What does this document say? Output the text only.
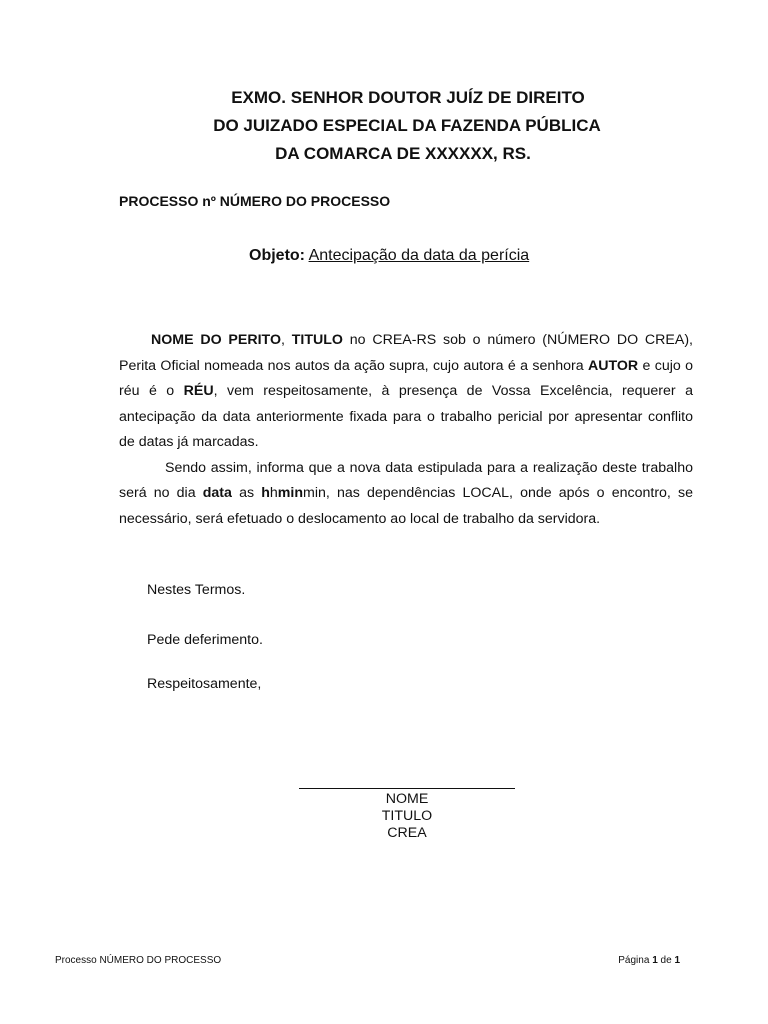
EXMO. SENHOR DOUTOR JUÍZ DE DIREITO
DO JUIZADO ESPECIAL DA FAZENDA PÚBLICA
DA COMARCA DE XXXXXX, RS.
PROCESSO nº NÚMERO DO PROCESSO
Objeto: Antecipação da data da perícia

NOME DO PERITO, TITULO no CREA-RS sob o número (NÚMERO DO CREA), Perita Oficial nomeada nos autos da ação supra, cujo autora é a senhora AUTOR e cujo o réu é o RÉU, vem respeitosamente, à presença de Vossa Excelência, requerer a antecipação da data anteriormente fixada para o trabalho pericial por apresentar conflito de datas já marcadas.

Sendo assim, informa que a nova data estipulada para a realização deste trabalho será no dia data as hhminmin, nas dependências LOCAL, onde após o encontro, se necessário, será efetuado o deslocamento ao local de trabalho da servidora.

Nestes Termos.
Pede deferimento.
Respeitosamente,
NOME
TITULO
CREA
Processo NÚMERO DO PROCESSO	Página 1 de 1
